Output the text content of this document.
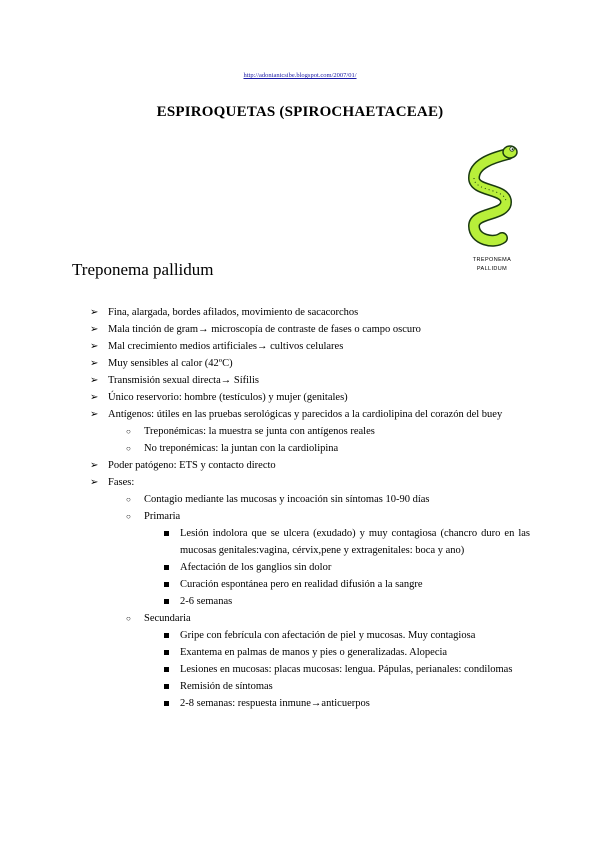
http://adonianicsibe.blogspot.com/2007/01/
ESPIROQUETAS (SPIROCHAETACEAE)
TREPONEMA
PALLIDUM
Treponema pallidum
➢ Fina, alargada, bordes afilados, movimiento de sacacorchos
➢ Mala tinción de gram→ microscopía de contraste de fases o campo oscuro
➢ Mal crecimiento medios artificiales→ cultivos celulares
➢ Muy sensibles al calor (42ºC)
➢ Transmisión sexual directa→ Sífilis
➢ Único reservorio: hombre (testículos) y mujer (genitales)
➢ Antígenos: útiles en las pruebas serológicas y parecidos a la cardiolipina del corazón del buey
○ Treponémicas: la muestra se junta con antígenos reales
○ No treponémicas: la juntan con la cardiolipina
➢ Poder patógeno: ETS y contacto directo
➢ Fases:
○ Contagio mediante las mucosas y incoación sin síntomas 10-90 días
○ Primaria
Lesión indolora que se ulcera (exudado) y muy contagiosa (chancro duro en las mucosas genitales:vagina, cérvix,pene y extragenitales: boca y ano)
Afectación de los ganglios sin dolor
Curación espontánea pero en realidad difusión a la sangre
2-6 semanas
○ Secundaria
Gripe con febrícula con afectación de piel y mucosas. Muy contagiosa
Exantema en palmas de manos y pies o generalizadas. Alopecia
Lesiones en mucosas: placas mucosas: lengua. Pápulas, perianales: condilomas
Remisión de síntomas
2-8 semanas: respuesta inmune→anticuerpos
